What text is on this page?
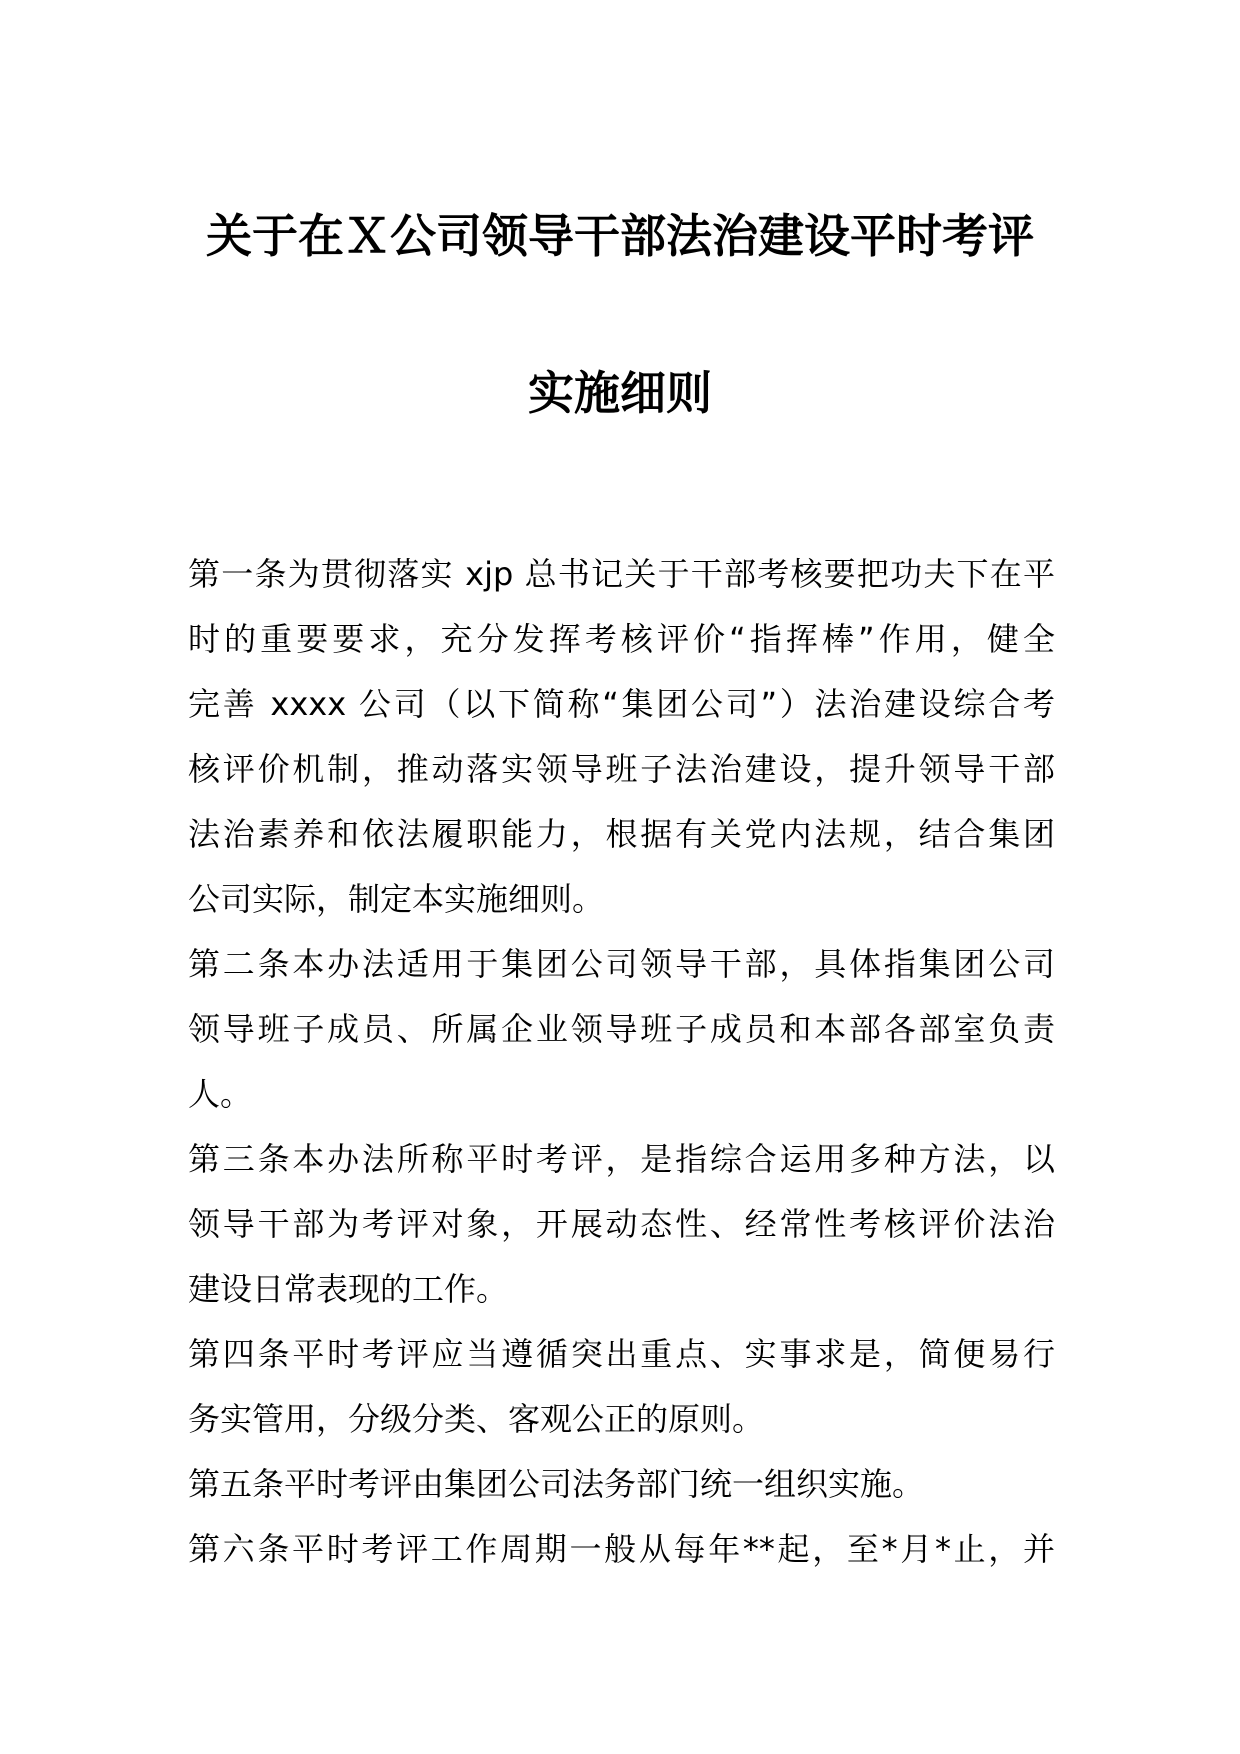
关于在Ｘ公司领导干部法治建设平时考评
实施细则
第一条为贯彻落实 xjp 总书记关于干部考核要把功夫下在平
时的重要要求，充分发挥考核评价“指挥棒”作用，健全
完善 xxxx 公司（以下简称“集团公司”）法治建设综合考
核评价机制，推动落实领导班子法治建设，提升领导干部
法治素养和依法履职能力，根据有关党内法规，结合集团
公司实际，制定本实施细则。
第二条本办法适用于集团公司领导干部，具体指集团公司
领导班子成员、所属企业领导班子成员和本部各部室负责
人。
第三条本办法所称平时考评，是指综合运用多种方法，以
领导干部为考评对象，开展动态性、经常性考核评价法治
建设日常表现的工作。
第四条平时考评应当遵循突出重点、实事求是，简便易行
务实管用，分级分类、客观公正的原则。
第五条平时考评由集团公司法务部门统一组织实施。
第六条平时考评工作周期一般从每年**起，至*月*止，并
